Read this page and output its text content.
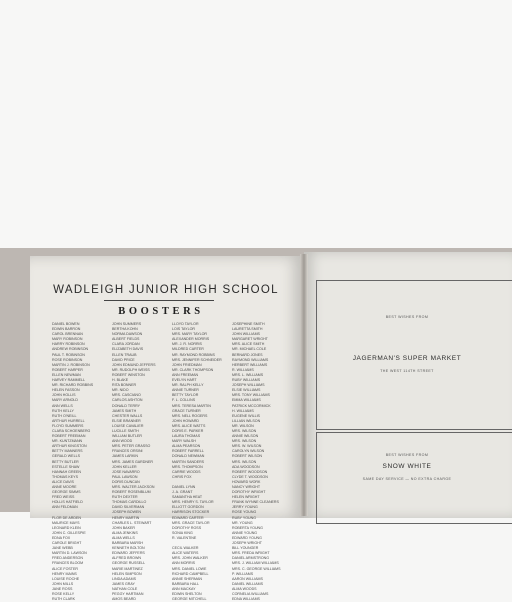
WADLEIGH JUNIOR HIGH SCHOOL
BOOSTERS
DANIEL BOWEN
EDWIN BARRON
CAROL BRENNAN
MARY ROBINSON
HARRY ROBINSON
ANDREW ROBINSON
PAUL T. ROBINSON
ROSE ROBINSON
MARTIN J. ROBINSON
ROBERT HARPER
ELLEN NEWMAN
HARVEY RAMMELL
MR. RICHARD ROBBINS
HELEN FASSON
JOHN HOLLIS
MARY ARNOLD
ANN WELLS
RUTH KELLY
RUTH O'NEILL
ARTHUR HURRELL
FLOYD SUMMERS
CLARA SCHOENBERG
ROBERT FREEMAN
MR. KUNTZMANN
ARTHUR KINGSTON
BETTY MANNERS
GERALD WELLS
BETTY BUTLER
ESTELLE SHAW
HANNAH GREEN
THOMAS KEYS
ALICE DAVIS
ANNE MOORE
GEORGE SIMMS
FRED WEISS
HOLLIS HATFIELD
ANN FELDMAN
FLOR DE ARDEN
MAURICE MAYS
LEONARD KLEIN
JOHN C. GILLESPIE
EDNA FOX
CAROLE BRIGHT
JANE WEBB
MARTIN D. LAWSON
FRED ANDERSON
FRANCES BLOOM
ALICE FOSTER
HENRY MAINS
LOUISE ROCHE
JOHN MILLS
JANE ROSS
ROSE KELLY
RUTH CLARK
JOHN SUMMERS
BERTHA KOHN
NORMA DAWSON
ALBERT FIELDS
CLARA JORDAN
ELIZABETH DAVIS
ELLEN TRAUB
DAVID PRICE
JOHN EDMUND JEFFERS
MR. RUDOLPH WEISS
ROBERT WINSTON
H. BLAKE
RITA BONNER
MR. NIDO
MRS. CASCIANO
CARLOS ASHTON
DONALD TERRY
JAMES SMITH
CHESTER WALLS
ELSIE BRANNER
LOUISE CAVALIER
LUCILLE SMITH
WILLIAM BUTLER
ANN WOOD
MRS. PETER GRASSO
FRANCES ORSINI
JAMES LARKIN
MRS. JAMES GARDNER
JOHN KELLER
JOSE NAVARRO
PAUL LAWSON
DORIS DUNCAN
MRS. WALTER JACKSON
ROBERT ROSENBLUM
RUTH DEXTER
THOMAS CARDILLO
DAVID SILVERMAN
JOSEPH BOWEN
HENRY MARTIN
CHARLES L. STEWART
JOHN BAKER
ALMA JENKINS
ALMA WELLS
BARBARA MARSH
KENNETH BOLTON
EDWARD JEFFERS
ALFRED BROWN
GEORGE RUSSELL
MARIE MARTINEZ
HELEN SIMPSON
LINDA ADAMS
JAMES GRAY
NATHAN COLE
PEGGY HARTMAN
AMOS BEARD
LLOYD TAYLOR
LOIS TAYLOR
MRS. MARY TAYLOR
ALEXANDER MORRIS
MR. J. R. NORRIS
MILDRED CARTER
MR. RAYMOND ROBBINS
MRS. JENNIFER SCHNEIDER
JOHN FRIEDMAN
MR. CLARK THOMPSON
ANN FREEMAN
EVELYN HART
MR. RALPH KELLY
ANNIE TURNER
BETTY TAYLOR
F. L. COLLINS
MRS. TERESA MARTIN
GRACE TURNER
MRS. NELL ROGERS
JOHN HOWARD
MRS. ALICE WATTS
DORIS E. PARKER
LAURA THOMAS
MARY WALSH
ALMA PEARSON
ROBERT FARRELL
DONALD NEWMAN
MARTIN SANDERS
MRS. THOMPSON
CARRIE WOODS
CHRIS FOX
DANIEL LYNN
J. A. GRANT
SAMANTHA HEAT
MRS. HENRY S. TAYLOR
ELLIOTT GORDON
HARRISON STOCKER
EDWARD CARTER
MRS. GRACE TAYLOR
DOROTHY ROSS
SONIA KING
R. VALENTINE
CECIL WALKER
ALICE WATERS
MRS. JOHN WALKER
ANN MORRIS
MRS. DANIEL LOWE
RICHARD CAMPBELL
ANNIE SHERMAN
BARBARA HALL
ANN MACKAY
EDWIN SHELTON
GEORGE MITCHELL
JOSEPHINE SMITH
LAURETTA SMITH
JOHN WILLIAMS
MARGARET WRIGHT
MRS. ALICE SMITH
MR. MICHAEL COLE
BERNARD JONES
RAYMOND WILLIAMS
HERBERT WILLIAMS
R. WILLIAMS
MRS. L. WILLIAMS
RUBY WILLIAMS
JOSEPH WILLIAMS
ELSIE WILLIAMS
MRS. TONY WILLIAMS
EMMA WILLIAMS
PATRICK MCCORMICK
H. WILLIAMS
EUGENE WILLIS
LILLIAN WILSON
MR. WILSON
MRS. WILSON
ANNIE WILSON
MRS. WILSON
MRS. W. WILSON
CAROLYN WILSON
ROBERT WILSON
MRS. WILSON
ADA WOODSON
ROBERT WOODSON
CLYDE T. WOODSON
HOWARD WORK
NANCY WRIGHT
DOROTHY WRIGHT
HELEN WRIGHT
FRANK WYNNE CLEANERS
JERRY YOUNG
ROSE YOUNG
RUBY YOUNG
MR. YOUNG
ROBERTA YOUNG
ANNIE YOUNG
EDWARD YOUNG
JOSEPH WRIGHT
BILL YOUNGER
MRS. FREDA WRIGHT
DANIEL ARMSTRONG
MRS. J. WILLIAM WILLIAMS
MRS. C. GEORGE WILLIAMS
P. WILLIAMS
AARON WILLIAMS
DANIEL WILLIAMS
ALMA WOODS
CORNELIA WILLIAMS
EDNA WILLIAMS
BEST WISHES FROM
JAGERMAN'S SUPER MARKET
THE WEST 114TH STREET
BEST WISHES FROM
SNOW WHITE
SAME DAY SERVICE — NO EXTRA CHARGE
